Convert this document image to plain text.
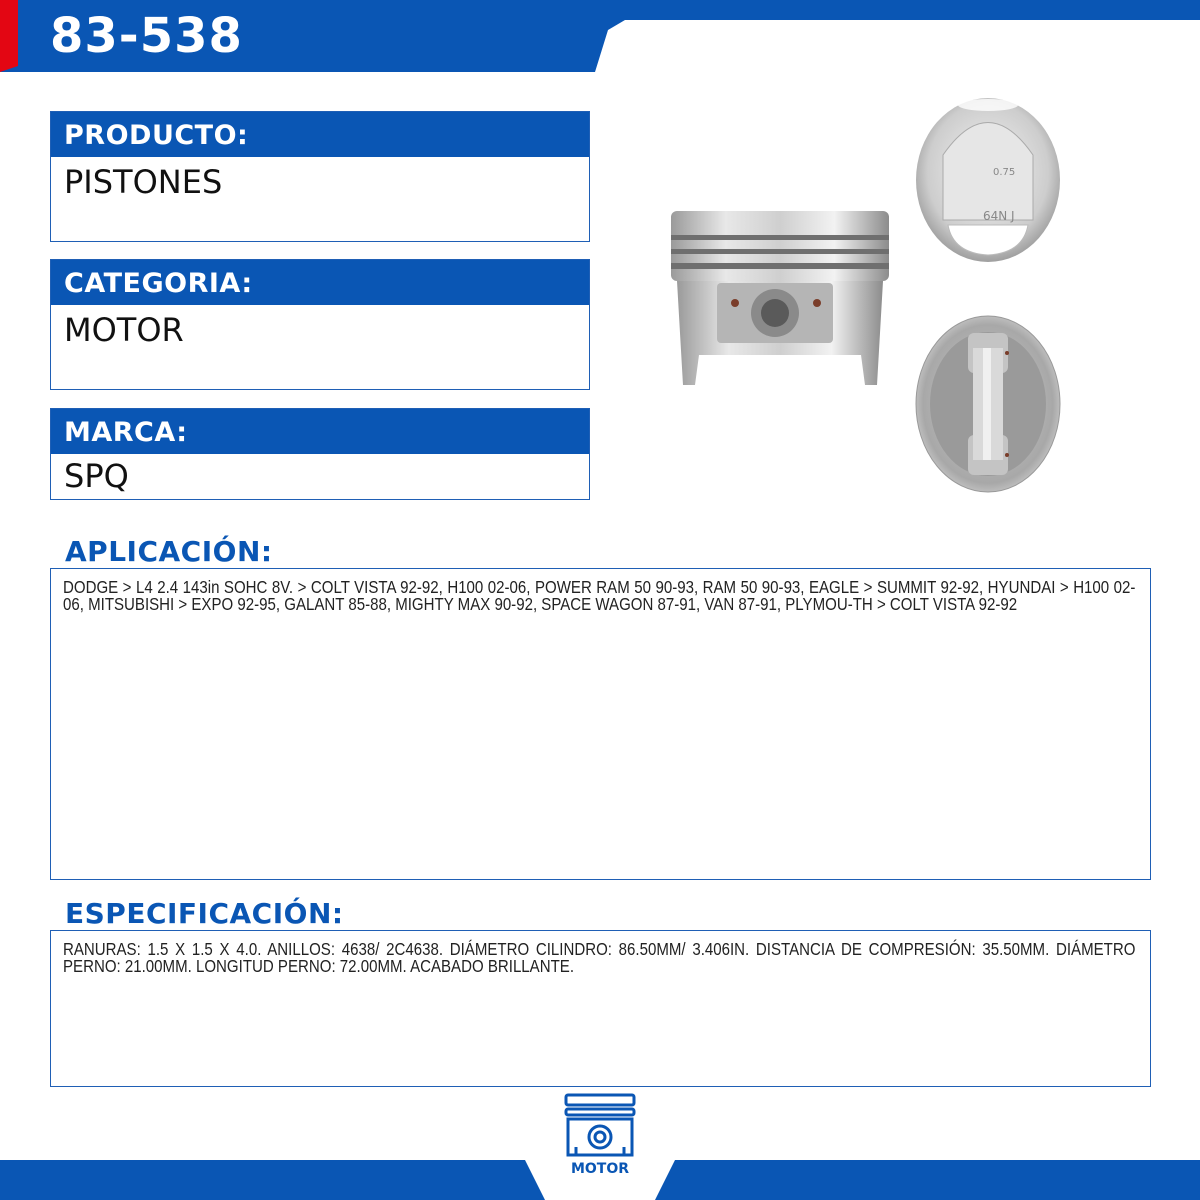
83-538
PRODUCTO:
PISTONES
CATEGORIA:
MOTOR
MARCA:
SPQ
0.75
64N J
APLICACIÓN:
DODGE > L4 2.4 143in SOHC 8V. > COLT VISTA 92-92, H100 02-06, POWER RAM 50 90-93, RAM 50 90-93, EAGLE > SUMMIT 92-92, HYUNDAI > H100 02-06, MITSUBISHI > EXPO 92-95, GALANT 85-88, MIGHTY MAX 90-92, SPACE WAGON 87-91, VAN 87-91, PLYMOU-TH > COLT VISTA 92-92
ESPECIFICACIÓN:
RANURAS: 1.5 X 1.5 X 4.0. ANILLOS: 4638/ 2C4638. DIÁMETRO CILINDRO: 86.50MM/ 3.406IN. DISTANCIA DE COMPRESIÓN: 35.50MM. DIÁMETRO PERNO: 21.00MM. LONGITUD PERNO: 72.00MM. ACABADO BRILLANTE.
MOTOR
